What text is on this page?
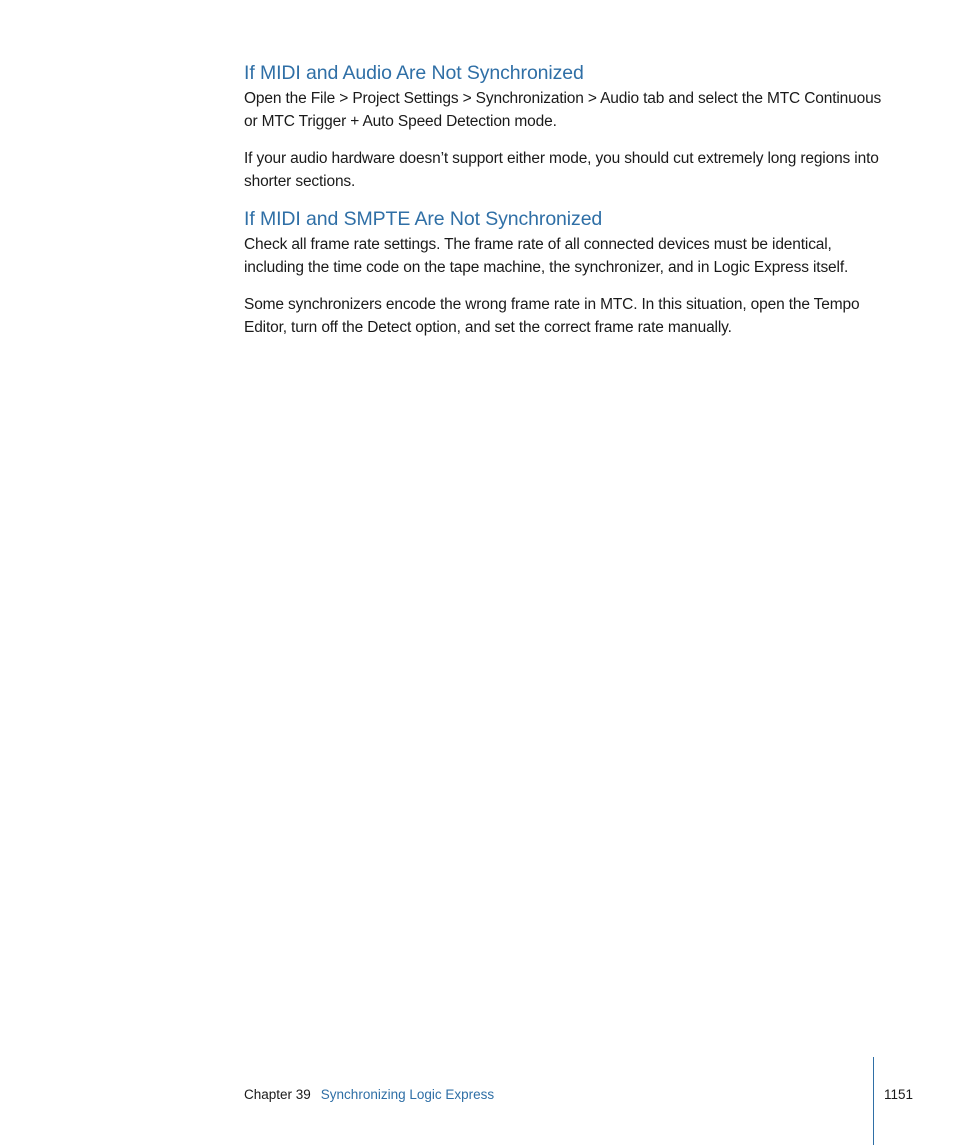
If MIDI and Audio Are Not Synchronized

Open the File > Project Settings > Synchronization > Audio tab and select the MTC Continuous or MTC Trigger + Auto Speed Detection mode.

If your audio hardware doesn’t support either mode, you should cut extremely long regions into shorter sections.

If MIDI and SMPTE Are Not Synchronized

Check all frame rate settings. The frame rate of all connected devices must be identical, including the time code on the tape machine, the synchronizer, and in Logic Express itself.

Some synchronizers encode the wrong frame rate in MTC. In this situation, open the Tempo Editor, turn off the Detect option, and set the correct frame rate manually.

Chapter 39 Synchronizing Logic Express	1151
